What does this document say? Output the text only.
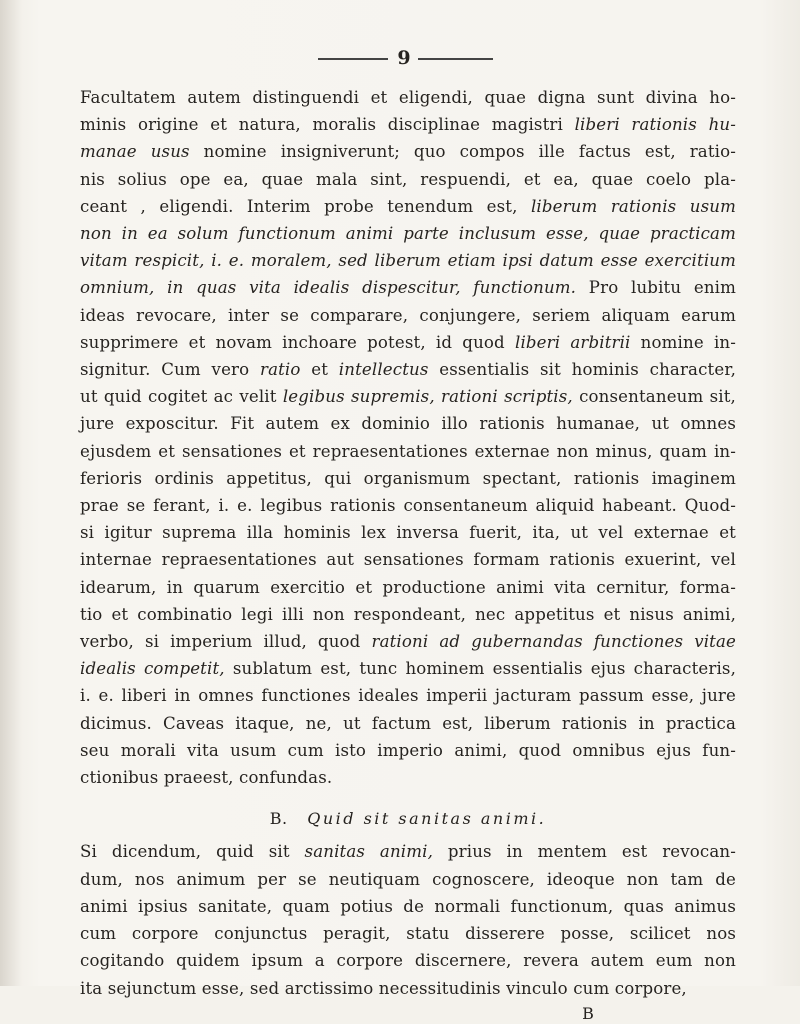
9
Facultatem autem distinguendi et eligendi, quae digna sunt divina ho-
minis origine et natura, moralis disciplinae magistri liberi rationis hu-
manae usus nomine insigniverunt; quo compos ille factus est, ratio-
nis solius ope ea, quae mala sint, respuendi, et ea, quae coelo pla-
ceant , eligendi. Interim probe tenendum est, liberum rationis usum
non in ea solum functionum animi parte inclusum esse, quae practicam
vitam respicit, i. e. moralem, sed liberum etiam ipsi datum esse exercitium
omnium, in quas vita idealis dispescitur, functionum. Pro lubitu enim
ideas revocare, inter se comparare, conjungere, seriem aliquam earum
supprimere et novam inchoare potest, id quod liberi arbitrii nomine in-
signitur. Cum vero ratio et intellectus essentialis sit hominis character,
ut quid cogitet ac velit legibus supremis, rationi scriptis, consentaneum sit,
jure exposcitur. Fit autem ex dominio illo rationis humanae, ut omnes
ejusdem et sensationes et repraesentationes externae non minus, quam in-
ferioris ordinis appetitus, qui organismum spectant, rationis imaginem
prae se ferant, i. e. legibus rationis consentaneum aliquid habeant. Quod-
si igitur suprema illa hominis lex inversa fuerit, ita, ut vel externae et
internae repraesentationes aut sensationes formam rationis exuerint, vel
idearum, in quarum exercitio et productione animi vita cernitur, forma-
tio et combinatio legi illi non respondeant, nec appetitus et nisus animi,
verbo, si imperium illud, quod rationi ad gubernandas functiones vitae
idealis competit, sublatum est, tunc hominem essentialis ejus characteris,
i. e. liberi in omnes functiones ideales imperii jacturam passum esse, jure
dicimus. Caveas itaque, ne, ut factum est, liberum rationis in practica
seu morali vita usum cum isto imperio animi, quod omnibus ejus fun-
ctionibus praeest, confundas.
B. Quid sit sanitas animi.
Si dicendum, quid sit sanitas animi, prius in mentem est revocan-
dum, nos animum per se neutiquam cognoscere, ideoque non tam de
animi ipsius sanitate, quam potius de normali functionum, quas animus
cum corpore conjunctus peragit, statu disserere posse, scilicet nos
cogitando quidem ipsum a corpore discernere, revera autem eum non
ita sejunctum esse, sed arctissimo necessitudinis vinculo cum corpore,
B
